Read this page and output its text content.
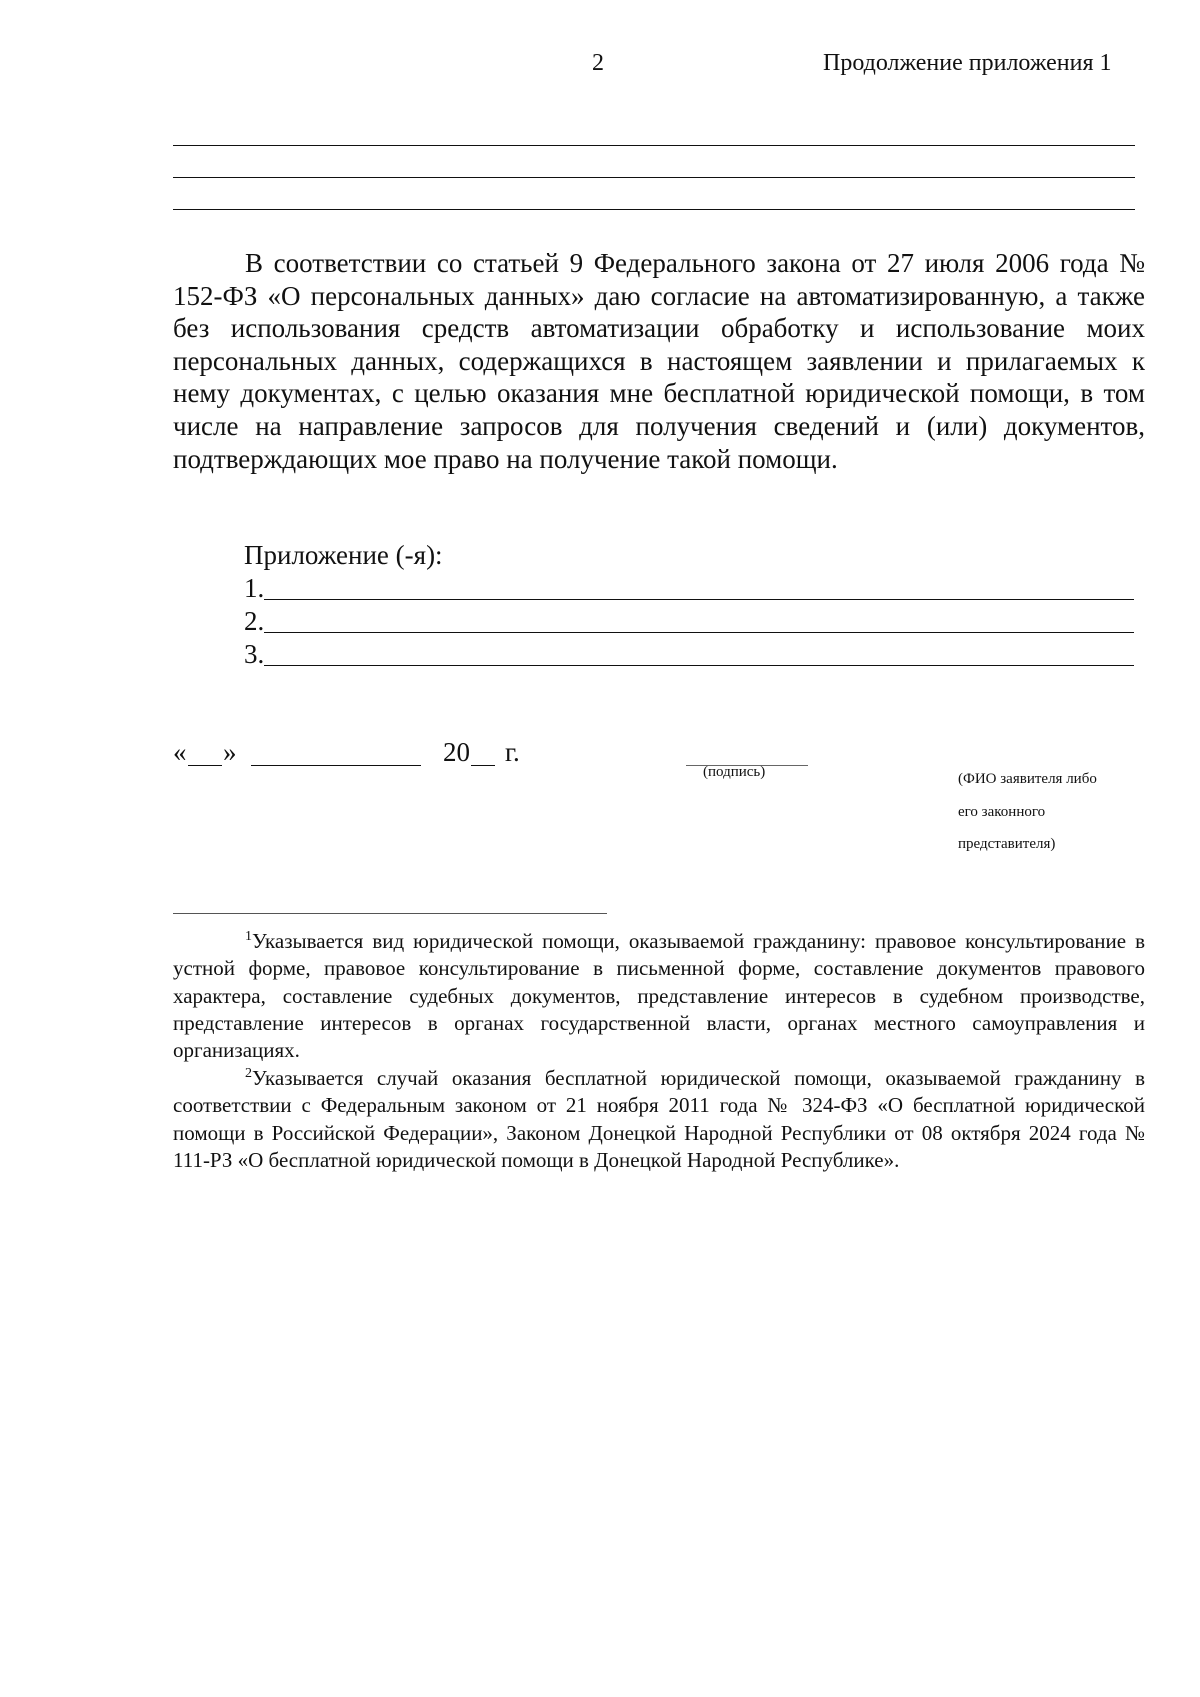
2	Продолжение приложения 1
В соответствии со статьей 9 Федерального закона от 27 июля 2006 года № 152-ФЗ «О персональных данных» даю согласие на автоматизированную, а также без использования средств автоматизации обработку и использование моих персональных данных, содержащихся в настоящем заявлении и прилагаемых к нему документах, с целью оказания мне бесплатной юридической помощи, в том числе на направление запросов для получения сведений и (или) документов, подтверждающих мое право на получение такой помощи.
Приложение (-я):
1.
2.
3.
« »	20 г.
(подпись)	(ФИО заявителя либо
его законного
представителя)
$^1$Указывается вид юридической помощи, оказываемой гражданину: правовое консультирование в устной форме, правовое консультирование в письменной форме, составление документов правового характера, составление судебных документов, представление интересов в судебном производстве, представление интересов в органах государственной власти, органах местного самоуправления и организациях.
$^2$Указывается случай оказания бесплатной юридической помощи, оказываемой гражданину в соответствии с Федеральным законом от 21 ноября 2011 года № 324-ФЗ «О бесплатной юридической помощи в Российской Федерации», Законом Донецкой Народной Республики от 08 октября 2024 года № 111-РЗ «О бесплатной юридической помощи в Донецкой Народной Республике».
